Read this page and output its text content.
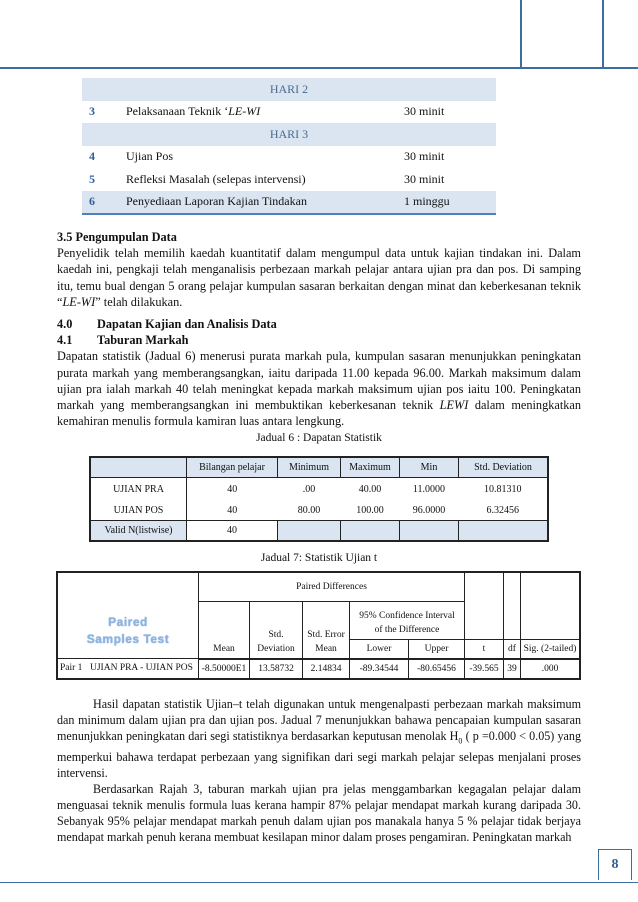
HARI 2		
3	Pelaksanaan Teknik ‘LE-WI	30 minit
HARI 3		
4	Ujian Pos	30 minit
5	Refleksi Masalah (selepas intervensi)	30 minit
6	Penyediaan Laporan Kajian Tindakan	1 minggu
3.5 Pengumpulan Data
Penyelidik telah memilih kaedah kuantitatif dalam mengumpul data untuk kajian tindakan ini. Dalam kaedah ini, pengkaji telah menganalisis perbezaan markah pelajar antara ujian pra dan pos. Di samping itu, temu bual dengan 5 orang pelajar kumpulan sasaran berkaitan dengan minat dan keberkesanan teknik “LE-WI” telah dilakukan.
4.0 Dapatan Kajian dan Analisis Data
4.1 Taburan Markah
Dapatan statistik (Jadual 6) menerusi purata markah pula, kumpulan sasaran menunjukkan peningkatan purata markah yang memberangsangkan, iaitu daripada 11.00 kepada 96.00. Markah maksimum dalam ujian pra ialah markah 40 telah meningkat kepada markah maksimum ujian pos iaitu 100. Peningkatan markah yang memberangsangkan ini membuktikan keberkesanan teknik LEWI dalam meningkatkan kemahiran menulis formula kamiran luas antara lengkung.
Jadual 6 : Dapatan Statistik
	Bilangan pelajar	Minimum	Maximum	Min	Std. Deviation
UJIAN PRA	40	.00	40.00	11.0000	10.81310
UJIAN POS	40	80.00	100.00	96.0000	6.32456
Valid N(listwise)	40				
Jadual 7: Statistik Ujian t
Paired
Samples Test		Paired Differences							
			Std.	Std. Error	95% Confidence Interval				
					of the Difference				
		Mean	Deviation	Mean	Lower	Upper	t	df	Sig. (2-tailed)
Pair 1	UJIAN PRA - UJIAN POS	-8.50000E1	13.58732	2.14834	-89.34544	-80.65456	-39.565	39	.000
Hasil dapatan statistik Ujian–t telah digunakan untuk mengenalpasti perbezaan markah maksimum dan minimum dalam ujian pra dan ujian pos. Jadual 7 menunjukkan bahawa pencapaian kumpulan sasaran menunjukkan peningkatan dari segi statistiknya berdasarkan keputusan menolak $H_0$ ( p =0.000 < 0.05) yang memperkui bahawa terdapat perbezaan yang signifikan dari segi markah pelajar selepas menjalani proses intervensi.
Berdasarkan Rajah 3, taburan markah ujian pra jelas menggambarkan kegagalan pelajar dalam menguasai teknik menulis formula luas kerana hampir 87% pelajar mendapat markah kurang daripada 30. Sebanyak 95% pelajar mendapat markah penuh dalam ujian pos manakala hanya 5 % pelajar tidak berjaya mendapat markah penuh kerana membuat kesilapan minor dalam proses pengamiran. Peningkatan markah
8
